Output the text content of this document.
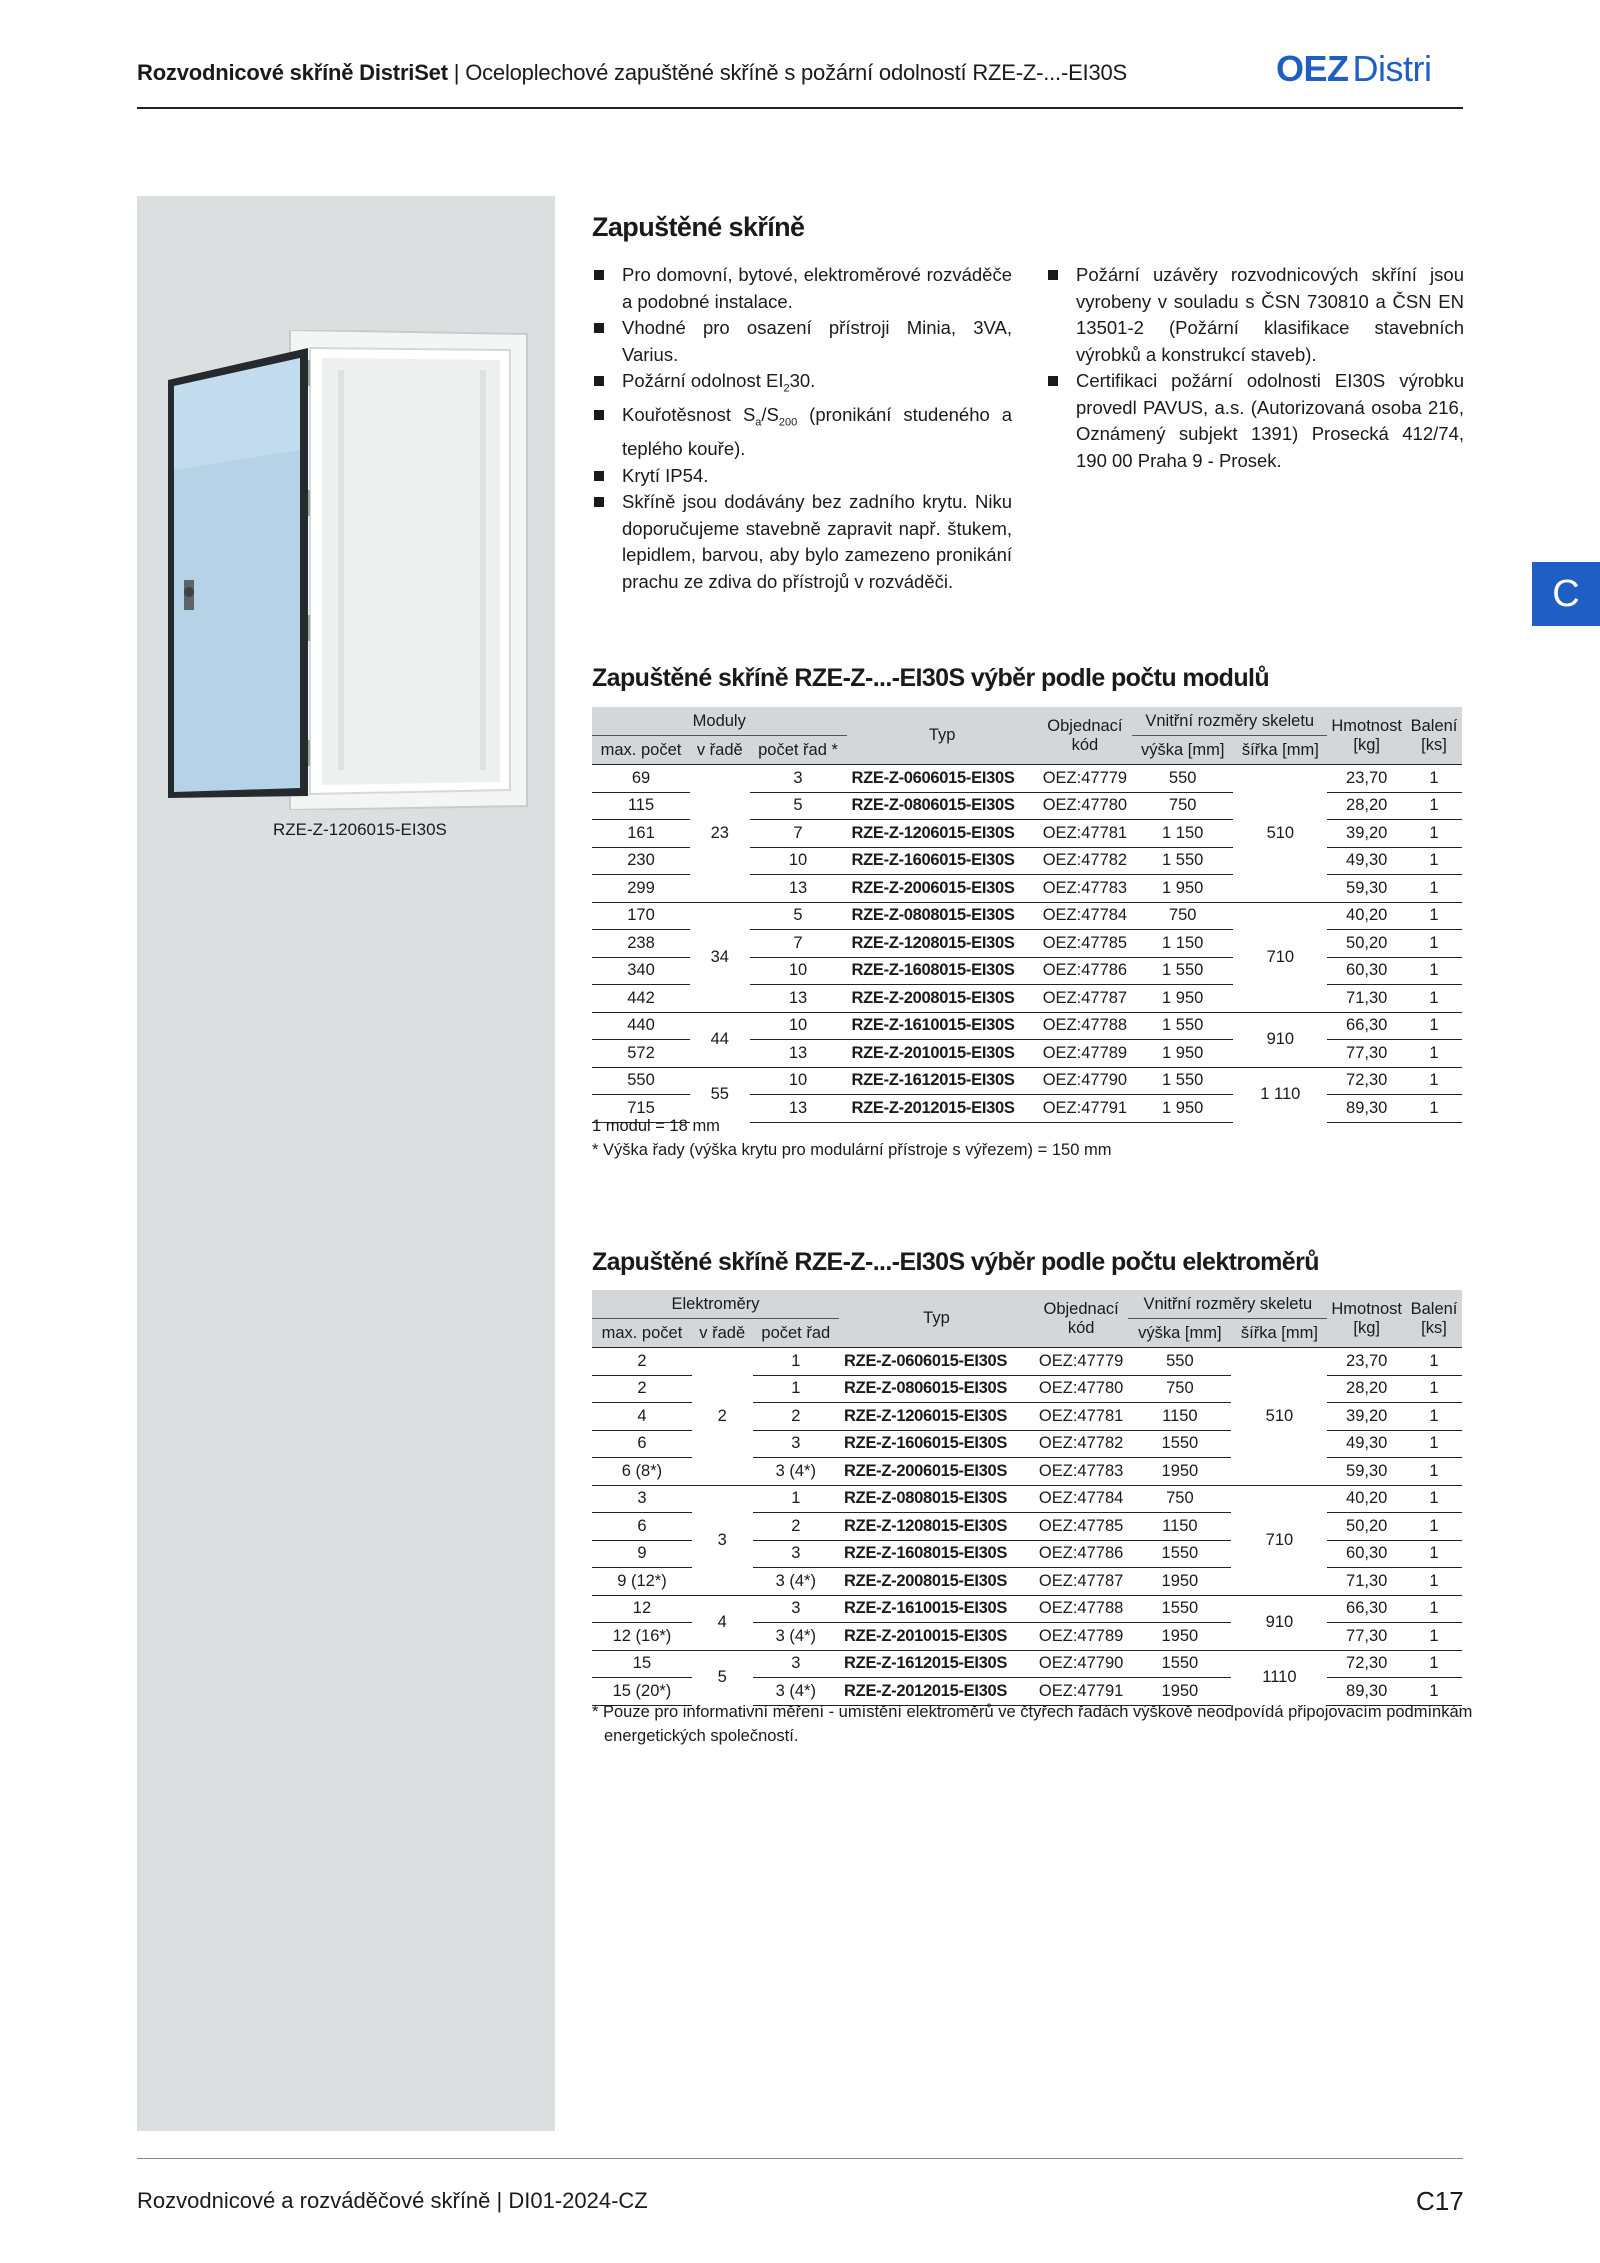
Rozvodnicové skříně DistriSet | Oceloplechové zapuštěné skříně s požární odolností RZE-Z-...-EI30S	OEZ Distri
RZE-Z-1206015-EI30S
C
Zapuštěné skříně
Pro domovní, bytové, elektroměrové rozváděče a podobné instalace.
Vhodné pro osazení přístroji Minia, 3VA, Varius.
Požární odolnost $EI_230$.
Kouřotěsnost $S_a/S_{200}$ (pronikání studeného a teplého kouře).
Krytí IP54.
Skříně jsou dodávány bez zadního krytu. Niku doporučujeme stavebně zapravit např. štukem, lepidlem, barvou, aby bylo zamezeno pronikání prachu ze zdiva do přístrojů v rozváděči.
Požární uzávěry rozvodnicových skříní jsou vyrobeny v souladu s ČSN 730810 a ČSN EN 13501-2 (Požární klasifikace stavebních výrobků a konstrukcí staveb).
Certifikaci požární odolnosti EI30S výrobku provedl PAVUS, a.s. (Autorizovaná osoba 216, Oznámený subjekt 1391) Prosecká 412/74, 190 00 Praha 9 - Prosek.
Zapuštěné skříně RZE-Z-...-EI30S výběr podle počtu modulů
Moduly			Typ	Objednací kód	Vnitřní rozměry skeletu		Hmotnost [kg]	Balení [ks]
max. počet	v řadě	počet řad *			výška [mm]	šířka [mm]		
69	23	3	RZE-Z-0606015-EI30S	OEZ:47779	550	510	23,70	1
115		5	RZE-Z-0806015-EI30S	OEZ:47780	750		28,20	1
161		7	RZE-Z-1206015-EI30S	OEZ:47781	1 150		39,20	1
230		10	RZE-Z-1606015-EI30S	OEZ:47782	1 550		49,30	1
299		13	RZE-Z-2006015-EI30S	OEZ:47783	1 950		59,30	1
170	34	5	RZE-Z-0808015-EI30S	OEZ:47784	750	710	40,20	1
238		7	RZE-Z-1208015-EI30S	OEZ:47785	1 150		50,20	1
340		10	RZE-Z-1608015-EI30S	OEZ:47786	1 550		60,30	1
442		13	RZE-Z-2008015-EI30S	OEZ:47787	1 950		71,30	1
440	44	10	RZE-Z-1610015-EI30S	OEZ:47788	1 550	910	66,30	1
572		13	RZE-Z-2010015-EI30S	OEZ:47789	1 950		77,30	1
550	55	10	RZE-Z-1612015-EI30S	OEZ:47790	1 550	1 110	72,30	1
715		13	RZE-Z-2012015-EI30S	OEZ:47791	1 950		89,30	1
1 modul = 18 mm
* Výška řady (výška krytu pro modulární přístroje s výřezem) = 150 mm
Zapuštěné skříně RZE-Z-...-EI30S výběr podle počtu elektroměrů
Elektroměry			Typ	Objednací kód	Vnitřní rozměry skeletu		Hmotnost [kg]	Balení [ks]
max. počet	v řadě	počet řad			výška [mm]	šířka [mm]		
2	2	1	RZE-Z-0606015-EI30S	OEZ:47779	550	510	23,70	1
2		1	RZE-Z-0806015-EI30S	OEZ:47780	750		28,20	1
4		2	RZE-Z-1206015-EI30S	OEZ:47781	1150		39,20	1
6		3	RZE-Z-1606015-EI30S	OEZ:47782	1550		49,30	1
6 (8*)		3 (4*)	RZE-Z-2006015-EI30S	OEZ:47783	1950		59,30	1
3	3	1	RZE-Z-0808015-EI30S	OEZ:47784	750	710	40,20	1
6		2	RZE-Z-1208015-EI30S	OEZ:47785	1150		50,20	1
9		3	RZE-Z-1608015-EI30S	OEZ:47786	1550		60,30	1
9 (12*)		3 (4*)	RZE-Z-2008015-EI30S	OEZ:47787	1950		71,30	1
12	4	3	RZE-Z-1610015-EI30S	OEZ:47788	1550	910	66,30	1
12 (16*)		3 (4*)	RZE-Z-2010015-EI30S	OEZ:47789	1950		77,30	1
15	5	3	RZE-Z-1612015-EI30S	OEZ:47790	1550	1110	72,30	1
15 (20*)		3 (4*)	RZE-Z-2012015-EI30S	OEZ:47791	1950		89,30	1
* Pouze pro informativní měření - umístění elektroměrů ve čtyřech řadách výškově neodpovídá připojovacím podmínkám
energetických společností.
Rozvodnicové a rozváděčové skříně | DI01-2024-CZ	C17
